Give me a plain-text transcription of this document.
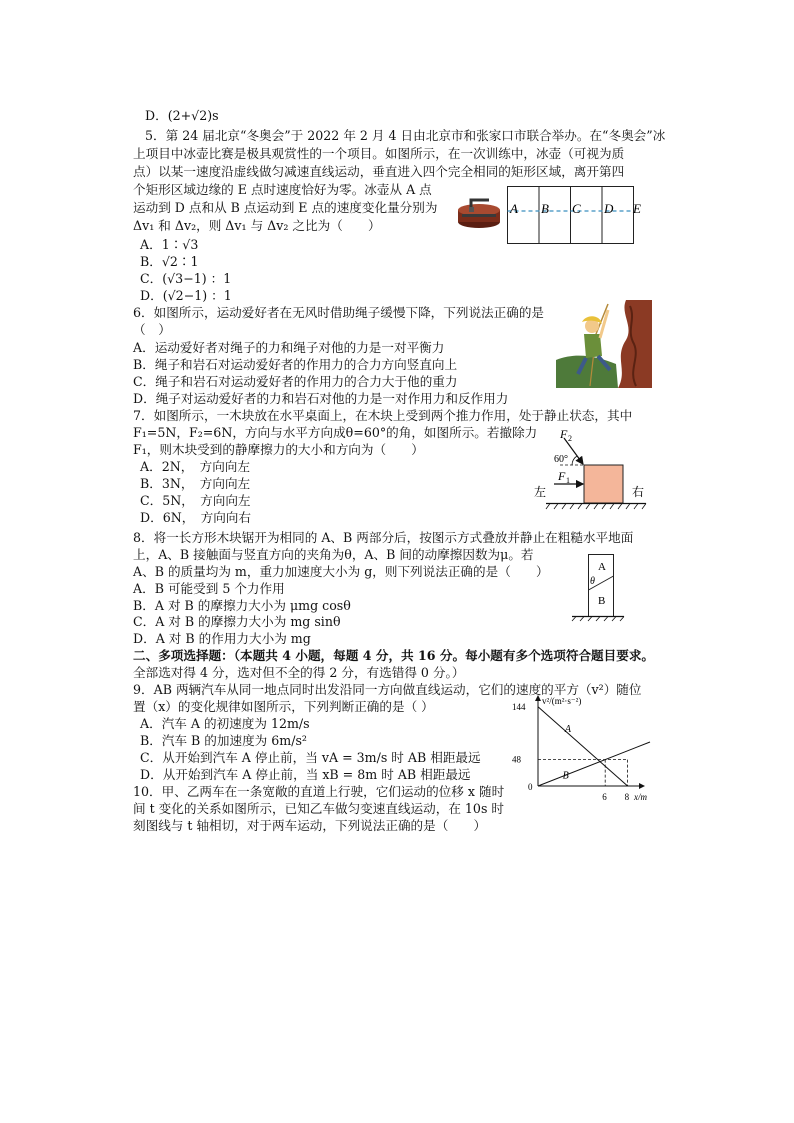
D．(2+√2)s
5．第 24 届北京“冬奥会”于 2022 年 2 月 4 日由北京市和张家口市联合举办。在“冬奥会”冰
上项目中冰壶比赛是极具观赏性的一个项目。如图所示，在一次训练中，冰壶（可视为质
点）以某一速度沿虚线做匀减速直线运动，垂直进入四个完全相同的矩形区域，离开第四
个矩形区域边缘的 E 点时速度恰好为零。冰壶从 A 点
运动到 D 点和从 B 点运动到 E 点的速度变化量分别为
Δv₁ 和 Δv₂，则 Δv₁ 与 Δv₂ 之比为（　　）
A．1∶√3
B．√2∶1
C．(√3−1) ：1
D．(√2−1) ：1
A B C D E
6．如图所示，运动爱好者在无风时借助绳子缓慢下降，下列说法正确的是
（　）
A．运动爱好者对绳子的力和绳子对他的力是一对平衡力
B．绳子和岩石对运动爱好者的作用力的合力方向竖直向上
C．绳子和岩石对运动爱好者的作用力的合力大于他的重力
D．绳子对运动爱好者的力和岩石对他的力是一对作用力和反作用力
7．如图所示，一木块放在水平桌面上，在木块上受到两个推力作用，处于静止状态，其中
F₁=5N，F₂=6N，方向与水平方向成θ=60°的角，如图所示。若撤除力
F₁，则木块受到的静摩擦力的大小和方向为（　　）
A．2N，　方向向左
B．3N，　方向向左
C．5N，　方向向左
D．6N，　方向向右
F 2
60°
F 1
左	右
8．将一长方形木块锯开为相同的 A、B 两部分后，按图示方式叠放并静止在粗糙水平地面
上，A、B 接触面与竖直方向的夹角为θ，A、B 间的动摩擦因数为μ。若
A、B 的质量均为 m，重力加速度大小为 g，则下列说法正确的是（　　）
A．B 可能受到 5 个力作用
B．A 对 B 的摩擦力大小为 μmg cosθ
C．A 对 B 的摩擦力大小为 mg sinθ
D．A 对 B 的作用力大小为 mg
A
θ
B
二、多项选择题：（本题共 4 小题，每题 4 分，共 16 分。每小题有多个选项符合题目要求。
全部选对得 4 分，选对但不全的得 2 分，有选错得 0 分。）
9．AB 两辆汽车从同一地点同时出发沿同一方向做直线运动，它们的速度的平方（v²）随位
置（x）的变化规律如图所示，下列判断正确的是（ ）
A．汽车 A 的初速度为 12m/s
B．汽车 B 的加速度为 6m/s²
C．从开始到汽车 A 停止前，当 vA = 3m/s 时 AB 相距最远
D．从开始到汽车 A 停止前，当 xB = 8m 时 AB 相距最远
10．甲、乙两车在一条宽敞的直道上行驶，它们运动的位移 x 随时
间 t 变化的关系如图所示，已知乙车做匀变速直线运动，在 10s 时
刻图线与 t 轴相切，对于两车运动，下列说法正确的是（　　）
A
B
48
144
6 8
v²/(m²·s⁻²)
x/m
0
